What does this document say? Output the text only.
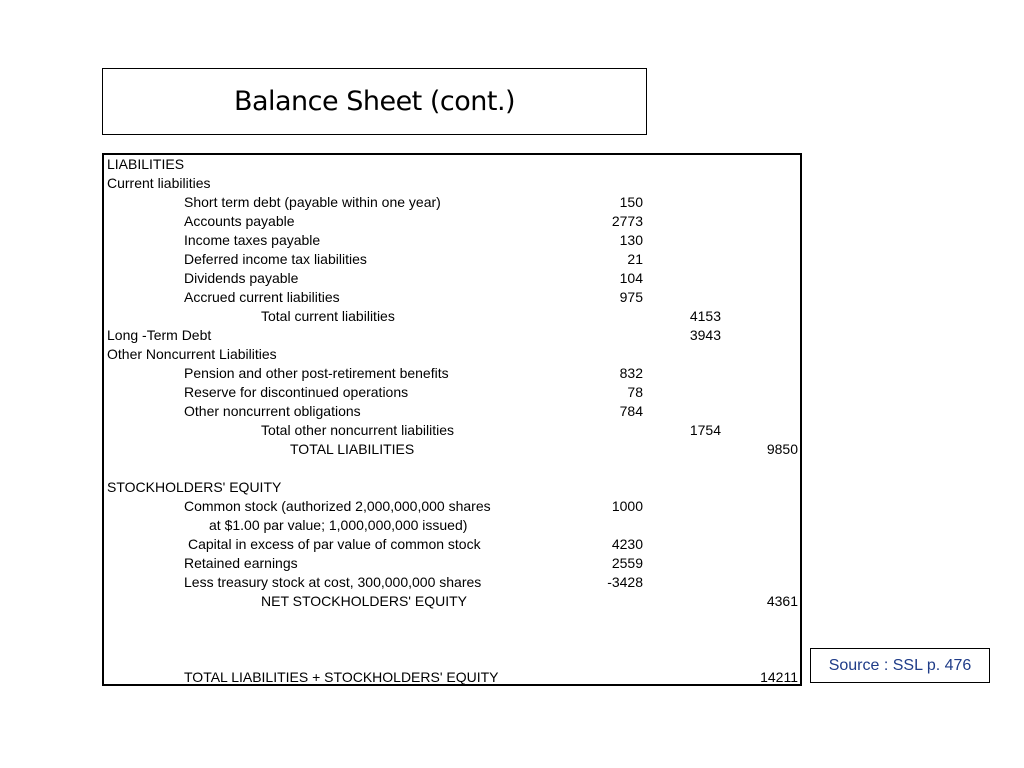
Balance Sheet (cont.)
LIABILITIES
Current liabilities
Short term debt (payable within one year)	150
Accounts payable	2773
Income taxes payable	130
Deferred income tax liabilities	21
Dividends payable	104
Accrued current liabilities	975
Total current liabilities	4153
Long -Term Debt	3943
Other Noncurrent Liabilities
Pension and other post-retirement benefits	832
Reserve for discontinued operations	78
Other noncurrent obligations	784
Total other noncurrent liabilities	1754
TOTAL LIABILITIES	9850
STOCKHOLDERS' EQUITY
Common stock (authorized 2,000,000,000 shares	1000
at $1.00 par value; 1,000,000,000 issued)
Capital in excess of par value of common stock	4230
Retained earnings	2559
Less treasury stock at cost, 300,000,000 shares	-3428
NET STOCKHOLDERS' EQUITY	4361
TOTAL LIABILITIES + STOCKHOLDERS' EQUITY	14211
Source : SSL p. 476
